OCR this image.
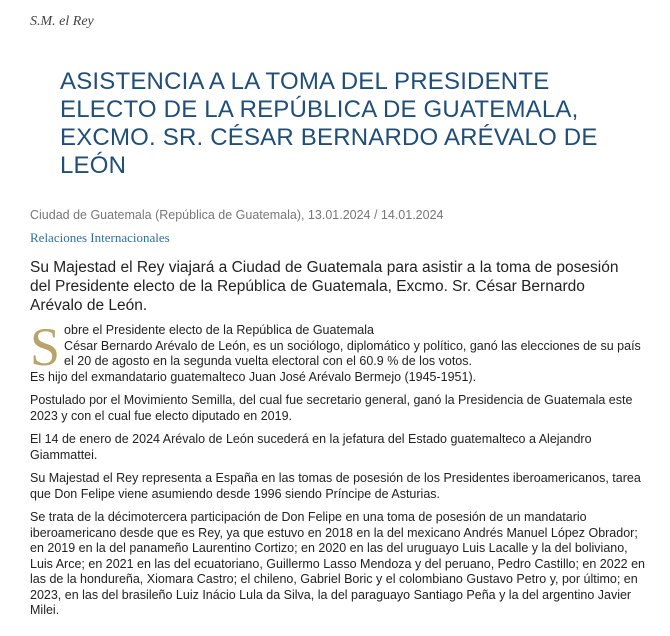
S.M. el Rey
ASISTENCIA A LA TOMA DEL PRESIDENTE ELECTO DE LA REPÚBLICA DE GUATEMALA, EXCMO. SR. CÉSAR BERNARDO ARÉVALO DE LEÓN
Ciudad de Guatemala (República de Guatemala), 13.01.2024 / 14.01.2024
Relaciones Internacionales

Su Majestad el Rey viajará a Ciudad de Guatemala para asistir a la toma de posesión del Presidente electo de la República de Guatemala, Excmo. Sr. César Bernardo Arévalo de León.

S obre el Presidente electo de la República de Guatemala
César Bernardo Arévalo de León, es un sociólogo, diplomático y político, ganó las elecciones de su país el 20 de agosto en la segunda vuelta electoral con el 60.9 % de los votos.

Es hijo del exmandatario guatemalteco Juan José Arévalo Bermejo (1945-1951).

Postulado por el Movimiento Semilla, del cual fue secretario general, ganó la Presidencia de Guatemala este 2023 y con el cual fue electo diputado en 2019.

El 14 de enero de 2024 Arévalo de León sucederá en la jefatura del Estado guatemalteco a Alejandro Giammattei.

Su Majestad el Rey representa a España en las tomas de posesión de los Presidentes iberoamericanos, tarea que Don Felipe viene asumiendo desde 1996 siendo Príncipe de Asturias.

Se trata de la décimotercera participación de Don Felipe en una toma de posesión de un mandatario iberoamericano desde que es Rey, ya que estuvo en 2018 en la del mexicano Andrés Manuel López Obrador; en 2019 en la del panameño Laurentino Cortizo; en 2020 en las del uruguayo Luis Lacalle y la del boliviano, Luis Arce; en 2021 en las del ecuatoriano, Guillermo Lasso Mendoza y del peruano, Pedro Castillo; en 2022 en las de la hondureña, Xiomara Castro; el chileno, Gabriel Boric y el colombiano Gustavo Petro y, por último; en 2023, en las del brasileño Luiz Inácio Lula da Silva, la del paraguayo Santiago Peña y la del argentino Javier Milei.
